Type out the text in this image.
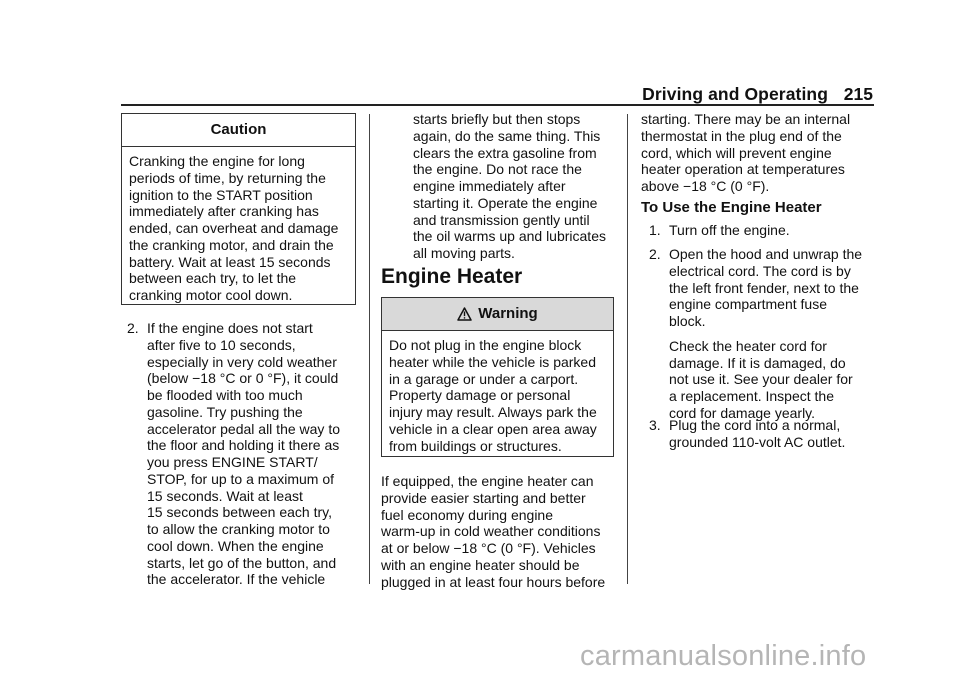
Driving and Operating 215
Caution
Cranking the engine for long
periods of time, by returning the
ignition to the START position
immediately after cranking has
ended, can overheat and damage
the cranking motor, and drain the
battery. Wait at least 15 seconds
between each try, to let the
cranking motor cool down.
2. If the engine does not start
after five to 10 seconds,
especially in very cold weather
(below −18 °C or 0 °F), it could
be flooded with too much
gasoline. Try pushing the
accelerator pedal all the way to
the floor and holding it there as
you press ENGINE START/
STOP, for up to a maximum of
15 seconds. Wait at least
15 seconds between each try,
to allow the cranking motor to
cool down. When the engine
starts, let go of the button, and
the accelerator. If the vehicle
starts briefly but then stops
again, do the same thing. This
clears the extra gasoline from
the engine. Do not race the
engine immediately after
starting it. Operate the engine
and transmission gently until
the oil warms up and lubricates
all moving parts.
Engine Heater
Warning
Do not plug in the engine block
heater while the vehicle is parked
in a garage or under a carport.
Property damage or personal
injury may result. Always park the
vehicle in a clear open area away
from buildings or structures.
If equipped, the engine heater can
provide easier starting and better
fuel economy during engine
warm-up in cold weather conditions
at or below −18 °C (0 °F). Vehicles
with an engine heater should be
plugged in at least four hours before
starting. There may be an internal
thermostat in the plug end of the
cord, which will prevent engine
heater operation at temperatures
above −18 °C (0 °F).
To Use the Engine Heater
1. Turn off the engine.
2. Open the hood and unwrap the
electrical cord. The cord is by
the left front fender, next to the
engine compartment fuse
block.
Check the heater cord for
damage. If it is damaged, do
not use it. See your dealer for
a replacement. Inspect the
cord for damage yearly.
3. Plug the cord into a normal,
grounded 110-volt AC outlet.
carmanualsonline.info
